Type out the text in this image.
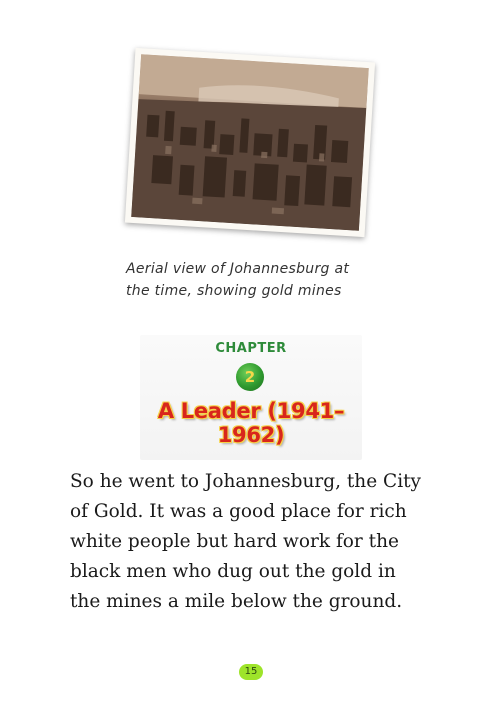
Aerial view of Johannesburg at
the time, showing gold mines
CHAPTER
2
A Leader (1941–1962)
So he went to Johannesburg, the City
of Gold. It was a good place for rich
white people but hard work for the
black men who dug out the gold in
the mines a mile below the ground.
15
